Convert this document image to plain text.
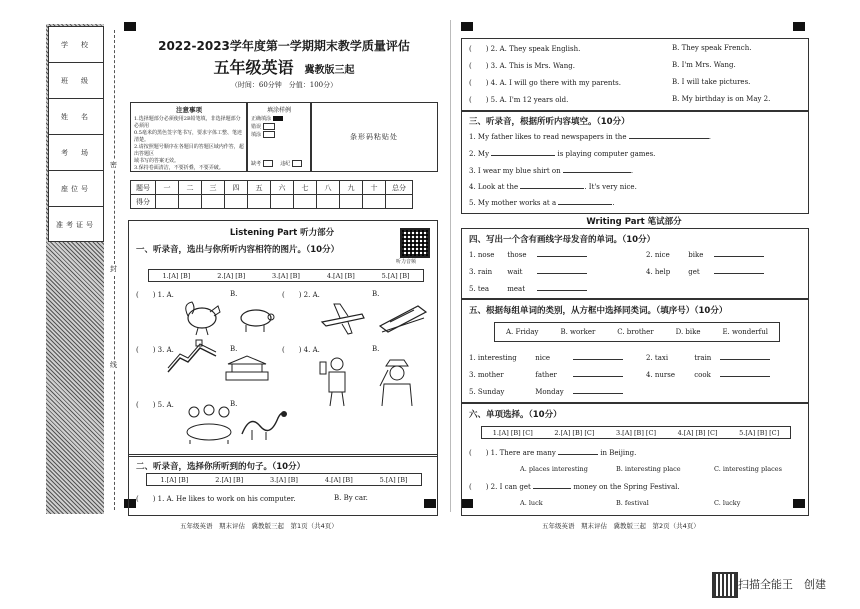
学　校
班　级
姓　名
考　场
座位号
准考证号
密
封
线
2022-2023学年度第一学期期末教学质量评估
五年级英语 冀教版三起
（时间：60分钟　分值：100分）
注意事项
1.选择题部分必须使用2B铅笔填，非选择题部分必须用
0.5毫米的黑色签字笔书写，要求字体工整、笔迹清楚。
2.请按照题号顺序在各题目的答题区域内作答，超出答题区
域书写的答案无效。
3.保持卷面清洁，不要折叠，不要弄破。
填涂样例
正确填涂
错误
填涂
缺考	违纪
条形码粘贴处
题号	一	二	三	四	五	六	七	八	九	十	总分
得分											
Listening Part 听力部分
听力音频
一、听录音，选出与你所听内容相符的图片。（10分）
1.[A] [B]	2.[A] [B]	3.[A] [B]	4.[A] [B]	5.[A] [B]
(　　) 1. A.	B.	(　　) 2. A.	B.
(　　) 3. A.	B.	(　　) 4. A.	B.
(　　) 5. A.	B.
二、听录音，选择你所听到的句子。（10分）
1.[A] [B]	2.[A] [B]	3.[A] [B]	4.[A] [B]	5.[A] [B]
(　　) 1. A. He likes to work on his computer.	B. By car.
五年级英语　期末评估　冀教版三起　第1页（共4页）
(　　) 2. A. They speak English.	B. They speak French.
(　　) 3. A. This is Mrs. Wang.	B. I'm Mrs. Wang.
(　　) 4. A. I will go there with my parents.	B. I will take pictures.
(　　) 5. A. I'm 12 years old.	B. My birthday is on May 2.
三、听录音，根据所听内容填空。（10分）
1. My father likes to read newspapers in the	.
2. My	is playing computer games.
3. I wear my blue shirt on	.
4. Look at the	. It's very nice.
5. My mother works at a	.
Writing Part 笔试部分
四、写出一个含有画线字母发音的单词。（10分）
1. nose those	2. nice	bike
3. rain wait	4. help	get
5. tea	meat
五、根据每组单词的类别，从方框中选择同类词。（填序号）（10分）
A. Friday	B. worker	C. brother	D. bike	E. wonderful
1. interesting	nice	2. taxi	train
3. mother	father	4. nurse	cook
5. Sunday	Monday
六、单项选择。（10分）
1.[A] [B] [C]	2.[A] [B] [C]	3.[A] [B] [C]	4.[A] [B] [C]	5.[A] [B] [C]
(　　) 1. There are many	in Beijing.
A. places interesting	B. interesting place	C. interesting places
(　　) 2. I can get	money on the Spring Festival.
A. luck	B. festival	C. lucky
五年级英语　期末评估　冀教版三起　第2页（共4页）
扫描全能王　创建
